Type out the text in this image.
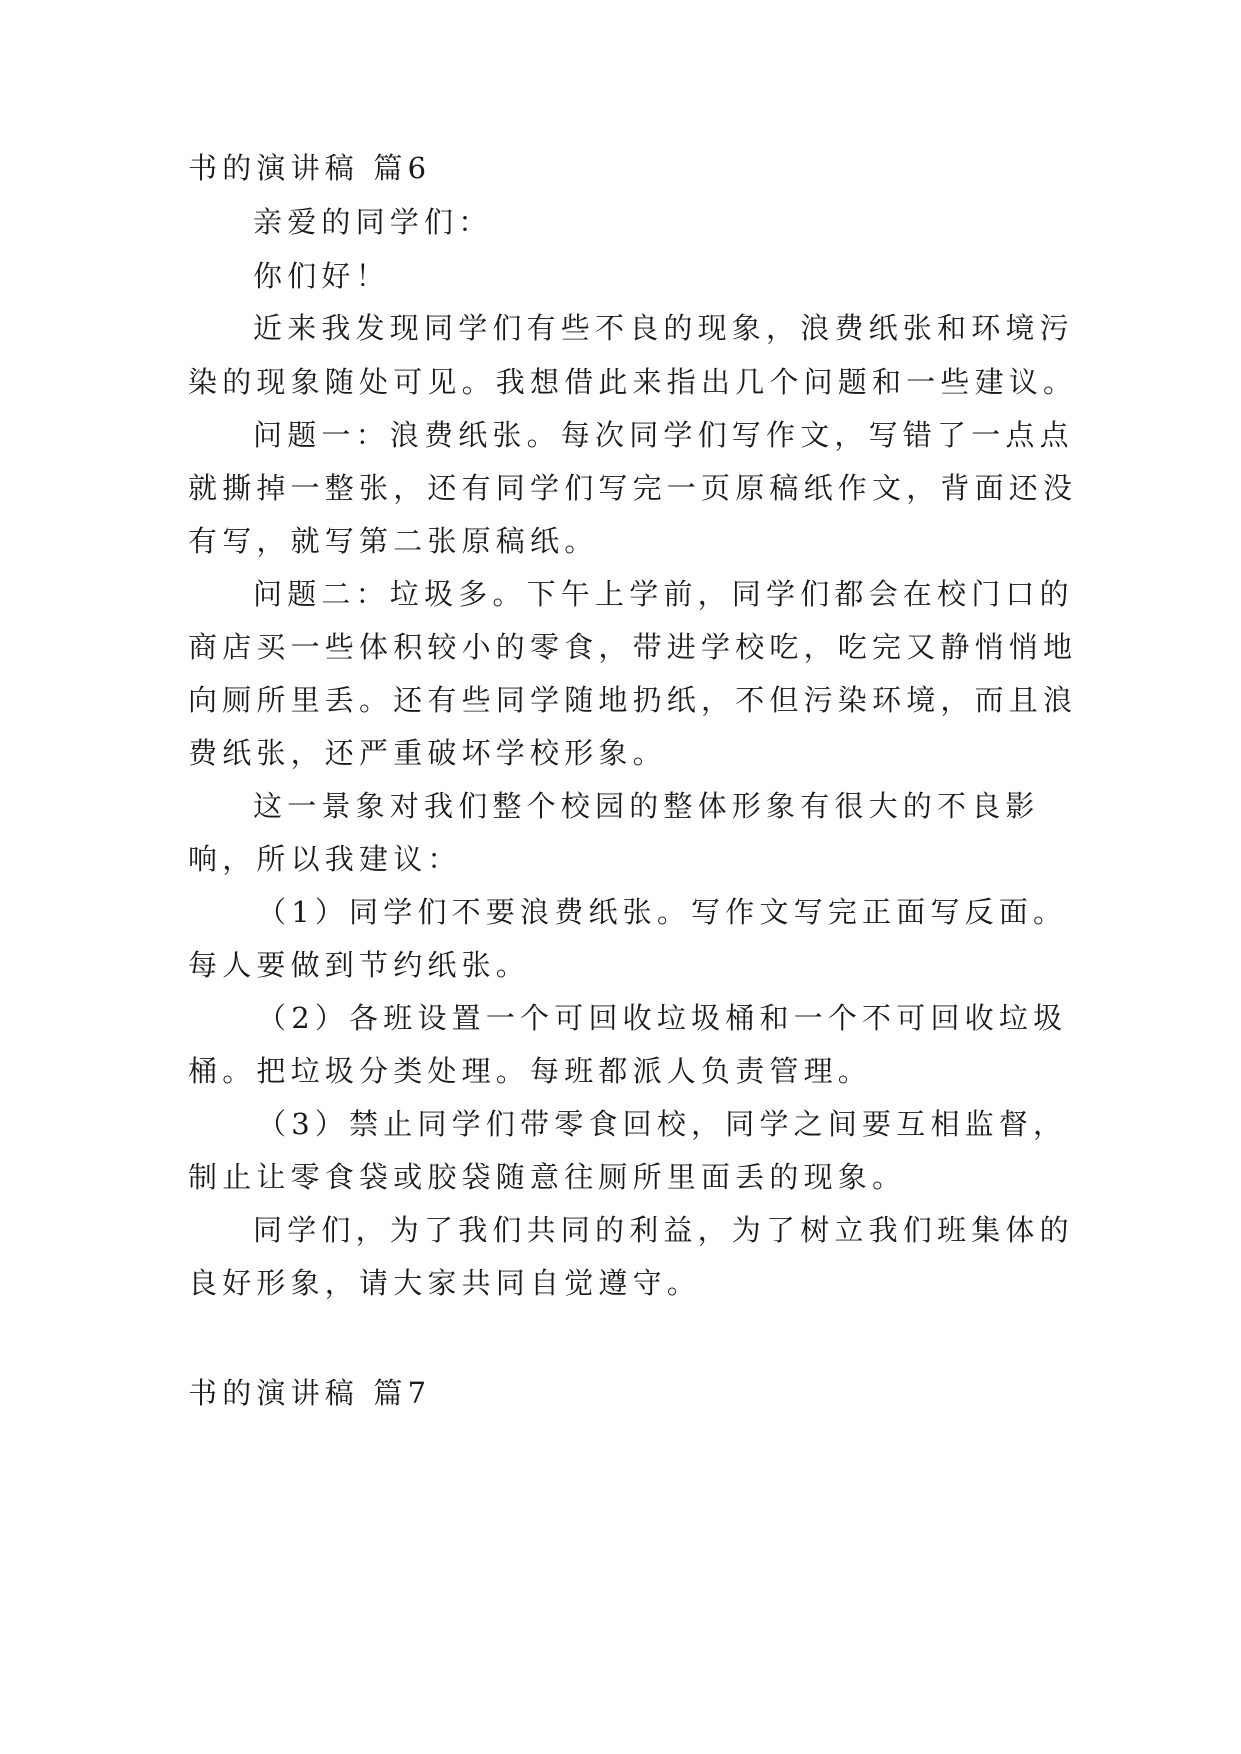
书的演讲稿 篇6
亲爱的同学们：
你们好！
近来我发现同学们有些不良的现象，浪费纸张和环境污
染的现象随处可见。我想借此来指出几个问题和一些建议。
问题一：浪费纸张。每次同学们写作文，写错了一点点
就撕掉一整张，还有同学们写完一页原稿纸作文，背面还没
有写，就写第二张原稿纸。
问题二：垃圾多。下午上学前，同学们都会在校门口的
商店买一些体积较小的零食，带进学校吃，吃完又静悄悄地
向厕所里丢。还有些同学随地扔纸，不但污染环境，而且浪
费纸张，还严重破坏学校形象。
这一景象对我们整个校园的整体形象有很大的不良影
响，所以我建议：
（1）同学们不要浪费纸张。写作文写完正面写反面。
每人要做到节约纸张。
（2）各班设置一个可回收垃圾桶和一个不可回收垃圾
桶。把垃圾分类处理。每班都派人负责管理。
（3）禁止同学们带零食回校，同学之间要互相监督，
制止让零食袋或胶袋随意往厕所里面丢的现象。
同学们，为了我们共同的利益，为了树立我们班集体的
良好形象，请大家共同自觉遵守。
书的演讲稿 篇7
